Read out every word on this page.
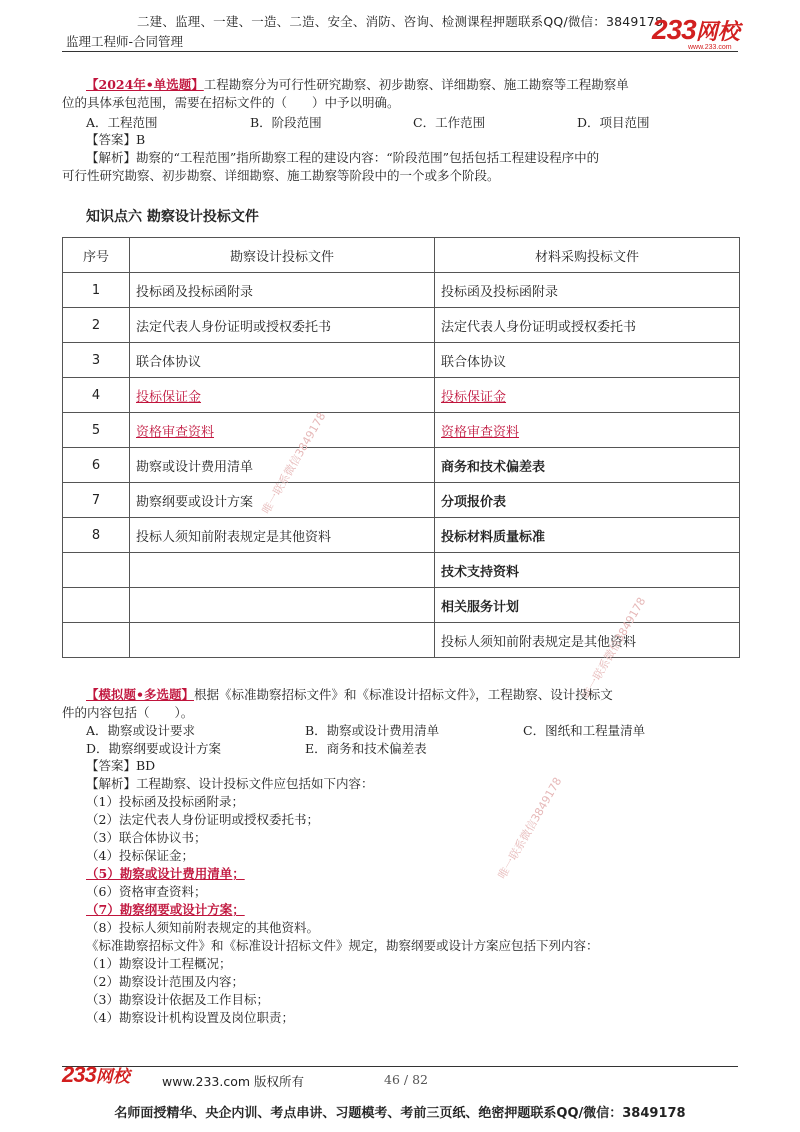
二建、监理、一建、一造、二造、安全、消防、咨询、检测课程押题联系QQ/微信：3849178
监理工程师-合同管理	233网校
www.233.com
【2024年•单选题】工程勘察分为可行性研究勘察、初步勘察、详细勘察、施工勘察等工程勘察单
位的具体承包范围，需要在招标文件的（　　）中予以明确。
A．工程范围	B．阶段范围	C．工作范围	D．项目范围
【答案】B
【解析】勘察的“工程范围”指所勘察工程的建设内容：“阶段范围”包括包括工程建设程序中的
可行性研究勘察、初步勘察、详细勘察、施工勘察等阶段中的一个或多个阶段。
知识点六 勘察设计投标文件
序号	勘察设计投标文件	材料采购投标文件
1	投标函及投标函附录	投标函及投标函附录
2	法定代表人身份证明或授权委托书	法定代表人身份证明或授权委托书
3	联合体协议	联合体协议
4	投标保证金	投标保证金
5	资格审查资料	资格审查资料
6	勘察或设计费用清单	商务和技术偏差表
7	勘察纲要或设计方案	分项报价表
8	投标人须知前附表规定是其他资料	投标材料质量标准
		技术支持资料
		相关服务计划
		投标人须知前附表规定是其他资料
唯一联系微信3849178
唯一联系微信3849178
唯一联系微信3849178
【模拟题•多选题】根据《标准勘察招标文件》和《标准设计招标文件》，工程勘察、设计投标文
件的内容包括（　　）。
A．勘察或设计要求	B．勘察或设计费用清单	C．图纸和工程量清单
D．勘察纲要或设计方案	E．商务和技术偏差表
【答案】BD
【解析】工程勘察、设计投标文件应包括如下内容：
（1）投标函及投标函附录；
（2）法定代表人身份证明或授权委托书；
（3）联合体协议书；
（4）投标保证金；
（5）勘察或设计费用清单；
（6）资格审查资料；
（7）勘察纲要或设计方案；
（8）投标人须知前附表规定的其他资料。
《标准勘察招标文件》和《标准设计招标文件》规定，勘察纲要或设计方案应包括下列内容：
（1）勘察设计工程概况；
（2）勘察设计范围及内容；
（3）勘察设计依据及工作目标；
（4）勘察设计机构设置及岗位职责；
233网校	www.233.com 版权所有	46 / 82
名师面授精华、央企内训、考点串讲、习题模考、考前三页纸、绝密押题联系QQ/微信：3849178
